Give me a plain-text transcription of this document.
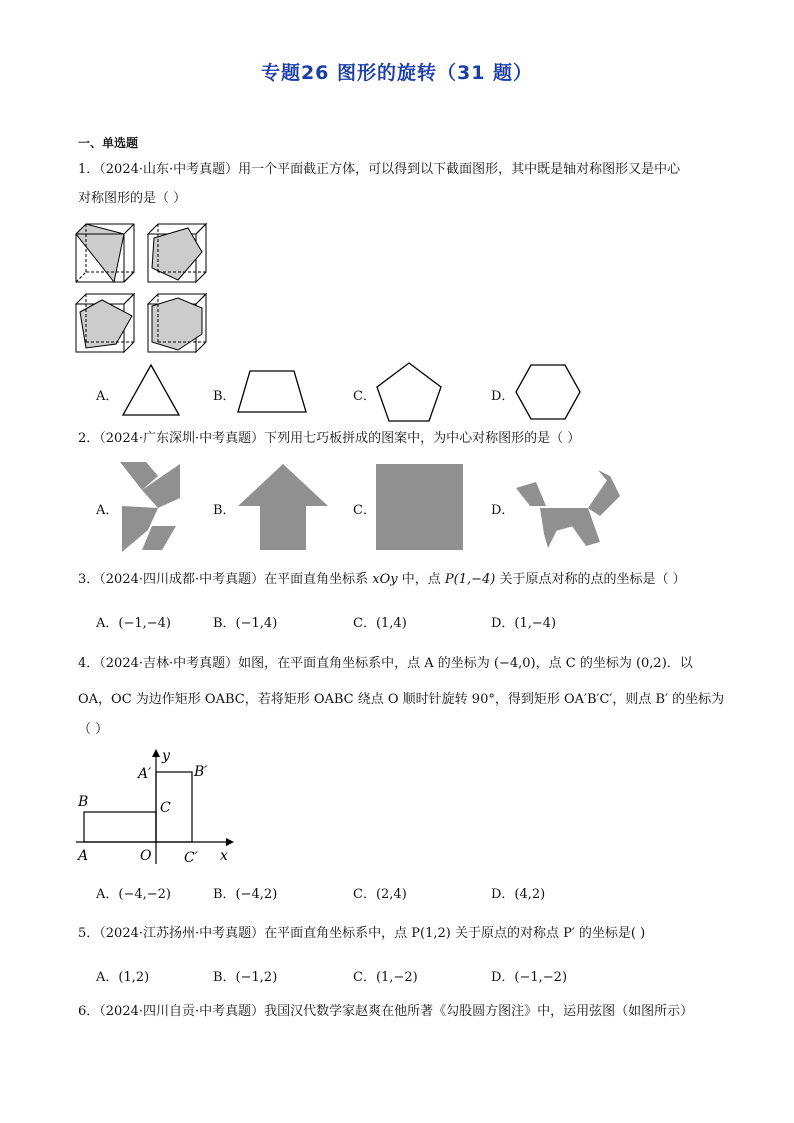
专题26 图形的旋转（31 题）
一、单选题
1．（2024·山东·中考真题）用一个平面截正方体，可以得到以下截面图形，其中既是轴对称图形又是中心
对称图形的是（ ）
A．	B．	C．	D．
2．（2024·广东深圳·中考真题）下列用七巧板拼成的图案中，为中心对称图形的是（ ）
A．	B．	C．	D．
3．（2024·四川成都·中考真题）在平面直角坐标系 xOy 中，点 P(1,−4) 关于原点对称的点的坐标是（ ）
A．(−1,−4)	B．(−1,4)	C．(1,4)	D．(1,−4)
4．（2024·吉林·中考真题）如图，在平面直角坐标系中，点 A 的坐标为 (−4,0)，点 C 的坐标为 (0,2)．以
OA，OC 为边作矩形 OABC，若将矩形 OABC 绕点 O 顺时针旋转 90°，得到矩形 OA′B′C′，则点 B′ 的坐标为
（ ）
y
x
A′	B′
B	C
A	O C′
A．(−4,−2)	B．(−4,2)	C．(2,4)	D．(4,2)
5．（2024·江苏扬州·中考真题）在平面直角坐标系中，点 P(1,2) 关于原点的对称点 P′ 的坐标是( )
A．(1,2)	B．(−1,2)	C．(1,−2)	D．(−1,−2)
6．（2024·四川自贡·中考真题）我国汉代数学家赵爽在他所著《勾股圆方图注》中，运用弦图（如图所示）
